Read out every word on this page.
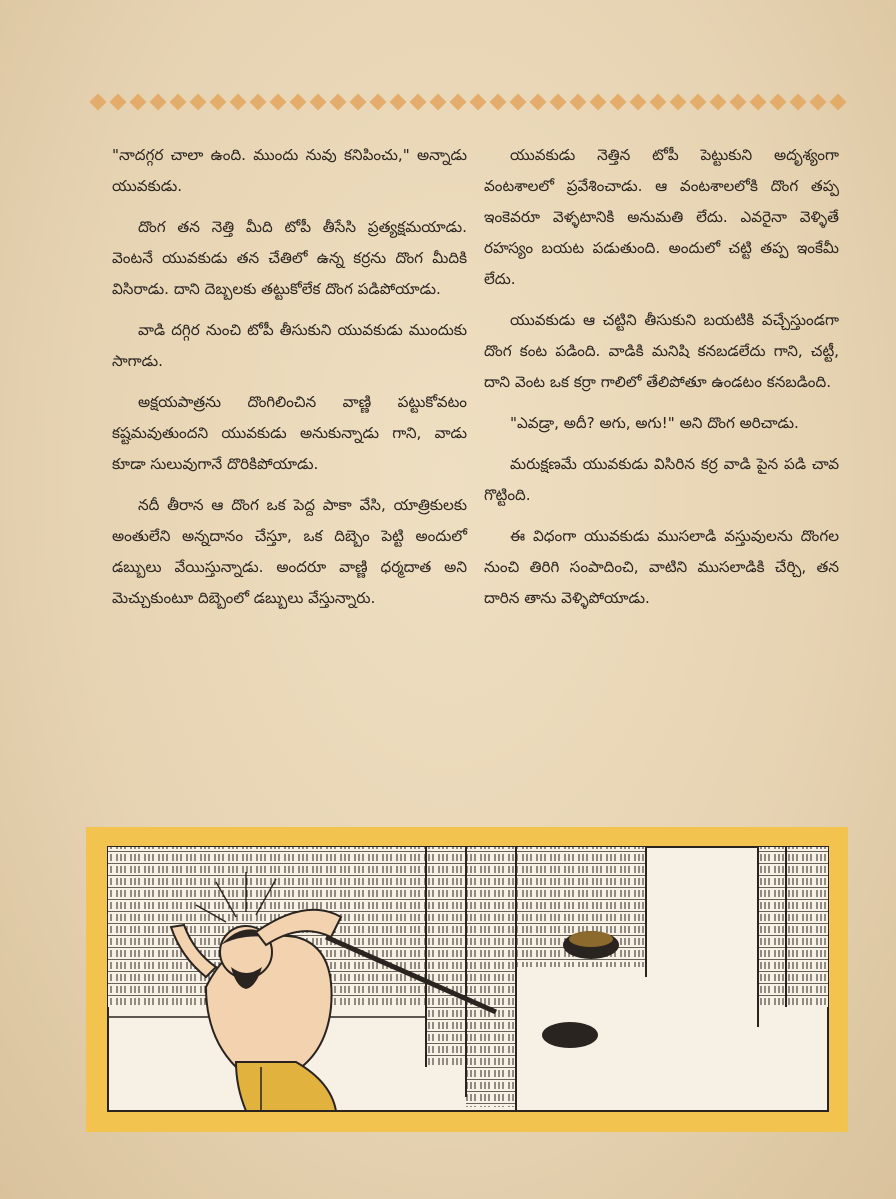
"నాదగ్గర చాలా ఉంది. ముందు నువు కనిపించు," అన్నాడు యువకుడు.

దొంగ తన నెత్తి మీది టోపీ తీసేసి ప్రత్యక్షమయాడు. వెంటనే యువకుడు తన చేతిలో ఉన్న కర్రను దొంగ మీదికి విసిరాడు. దాని దెబ్బలకు తట్టుకోలేక దొంగ పడిపోయాడు.

వాడి దగ్గిర నుంచి టోపీ తీసుకుని యువకుడు ముందుకు సాగాడు.

అక్షయపాత్రను దొంగిలించిన వాణ్ణి పట్టుకోవటం కష్టమవుతుందని యువకుడు అనుకున్నాడు గాని, వాడు కూడా సులువుగానే దొరికిపోయాడు.

నదీ తీరాన ఆ దొంగ ఒక పెద్ద పాకా వేసి, యాత్రికులకు అంతులేని అన్నదానం చేస్తూ, ఒక దిబ్బెం పెట్టి అందులో డబ్బులు వేయిస్తున్నాడు. అందరూ వాణ్ణి ధర్మదాత అని మెచ్చుకుంటూ దిబ్బెంలో డబ్బులు వేస్తున్నారు.

యువకుడు నెత్తిన టోపీ పెట్టుకుని అదృశ్యంగా వంటశాలలో ప్రవేశించాడు. ఆ వంటశాలలోకి దొంగ తప్ప ఇంకెవరూ వెళ్ళటానికి అనుమతి లేదు. ఎవరైనా వెళ్ళితే రహస్యం బయట పడుతుంది. అందులో చట్టి తప్ప ఇంకేమీ లేదు.

యువకుడు ఆ చట్టిని తీసుకుని బయటికి వచ్చేస్తుండగా దొంగ కంట పడింది. వాడికి మనిషి కనబడలేదు గాని, చట్టీ, దాని వెంట ఒక కర్రా గాలిలో తేలిపోతూ ఉండటం కనబడింది.

"ఎవడ్రా, అదీ? అగు, అగు!" అని దొంగ అరిచాడు.

మరుక్షణమే యువకుడు విసిరిన కర్ర వాడి పైన పడి చావ గొట్టింది.

ఈ విధంగా యువకుడు ముసలాడి వస్తువులను దొంగల నుంచి తిరిగి సంపాదించి, వాటిని ముసలాడికి చేర్చి, తన దారిన తాను వెళ్ళిపోయాడు.
